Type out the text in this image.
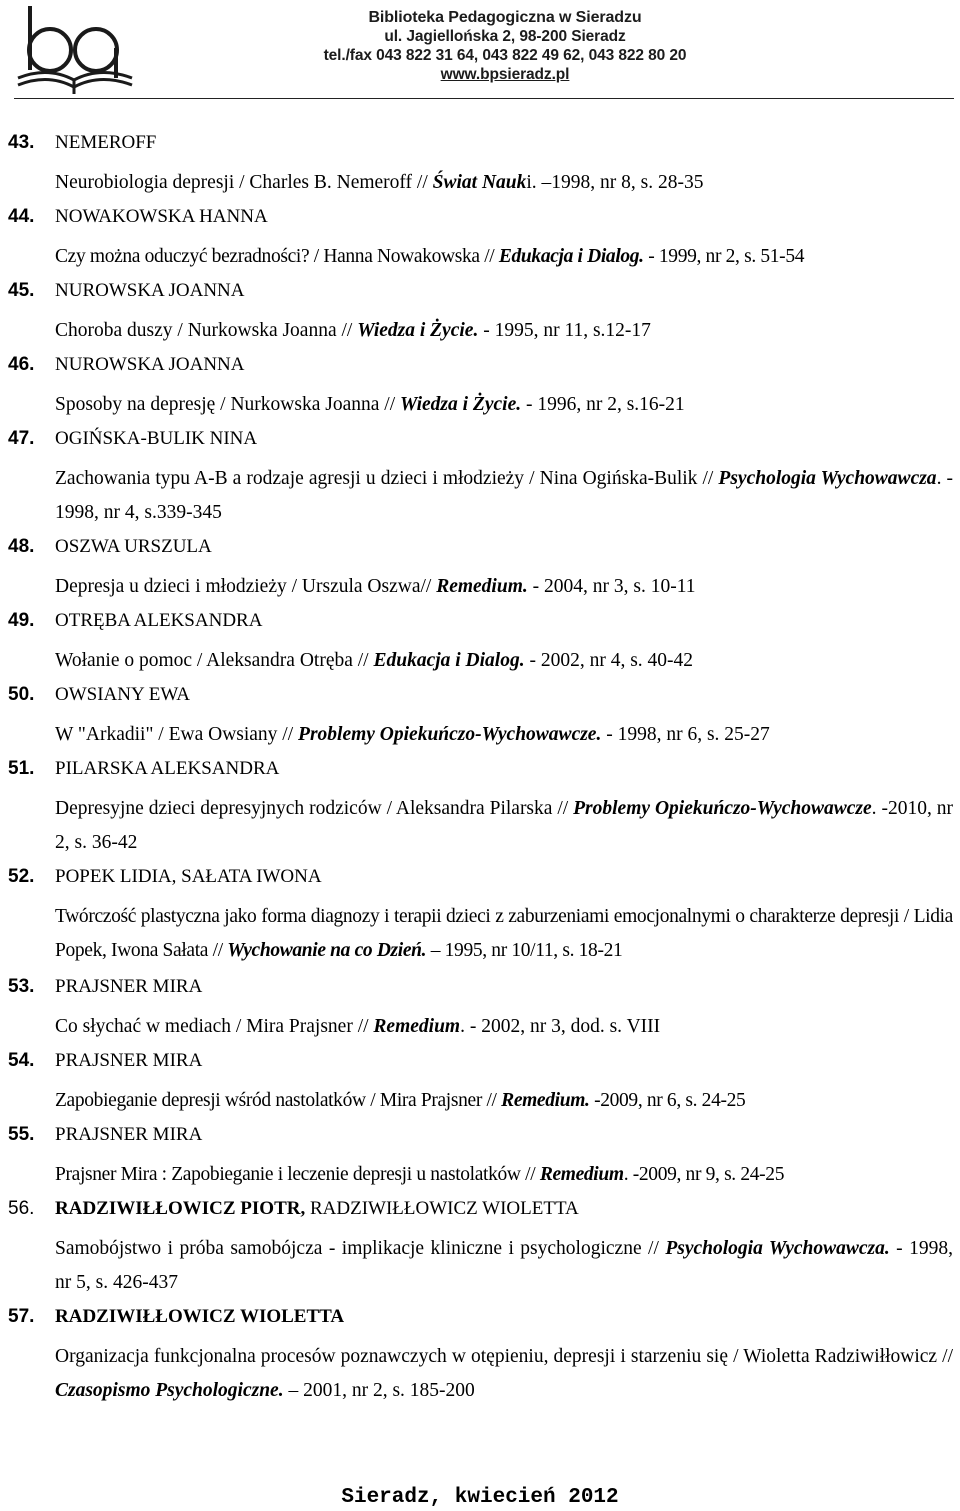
Biblioteka Pedagogiczna w Sieradzu
ul. Jagiellońska 2, 98-200 Sieradz
tel./fax 043 822 31 64, 043 822 49 62, 043 822 80 20
www.bpsieradz.pl
43. NEMEROFF
Neurobiologia depresji / Charles B. Nemeroff // Świat Nauki. –1998, nr 8, s. 28-35
44. NOWAKOWSKA HANNA
Czy można oduczyć bezradności? / Hanna Nowakowska // Edukacja i Dialog. - 1999, nr 2, s. 51-54
45. NUROWSKA JOANNA
Choroba duszy / Nurkowska Joanna // Wiedza i Życie. - 1995, nr 11, s.12-17
46. NUROWSKA JOANNA
Sposoby na depresję / Nurkowska Joanna // Wiedza i Życie. - 1996, nr 2, s.16-21
47. OGIŃSKA-BULIK NINA
Zachowania typu A-B a rodzaje agresji u dzieci i młodzieży / Nina Ogińska-Bulik // Psychologia Wychowawcza. - 1998, nr 4, s.339-345
48. OSZWA URSZULA
Depresja u dzieci i młodzieży / Urszula Oszwa// Remedium. - 2004, nr 3, s. 10-11
49. OTRĘBA ALEKSANDRA
Wołanie o pomoc / Aleksandra Otręba // Edukacja i Dialog. - 2002, nr 4, s. 40-42
50. OWSIANY EWA
W "Arkadii" / Ewa Owsiany // Problemy Opiekuńczo-Wychowawcze. - 1998, nr 6, s. 25-27
51. PILARSKA ALEKSANDRA
Depresyjne dzieci depresyjnych rodziców / Aleksandra Pilarska // Problemy Opiekuńczo-Wychowawcze. -2010, nr 2, s. 36-42
52. POPEK LIDIA, SAŁATA IWONA
Twórczość plastyczna jako forma diagnozy i terapii dzieci z zaburzeniami emocjonalnymi o charakterze depresji / Lidia Popek, Iwona Sałata // Wychowanie na co Dzień. – 1995, nr 10/11, s. 18-21
53. PRAJSNER MIRA
Co słychać w mediach / Mira Prajsner // Remedium. - 2002, nr 3, dod. s. VIII
54. PRAJSNER MIRA
Zapobieganie depresji wśród nastolatków / Mira Prajsner // Remedium. -2009, nr 6, s. 24-25
55. PRAJSNER MIRA
Prajsner Mira : Zapobieganie i leczenie depresji u nastolatków // Remedium. -2009, nr 9, s. 24-25
56. RADZIWIŁŁOWICZ PIOTR, RADZIWIŁŁOWICZ WIOLETTA
Samobójstwo i próba samobójcza - implikacje kliniczne i psychologiczne // Psychologia Wychowawcza. - 1998, nr 5, s. 426-437
57. RADZIWIŁŁOWICZ WIOLETTA
Organizacja funkcjonalna procesów poznawczych w otępieniu, depresji i starzeniu się / Wioletta Radziwiłłowicz // Czasopismo Psychologiczne. – 2001, nr 2, s. 185-200
Sieradz, kwiecień 2012
